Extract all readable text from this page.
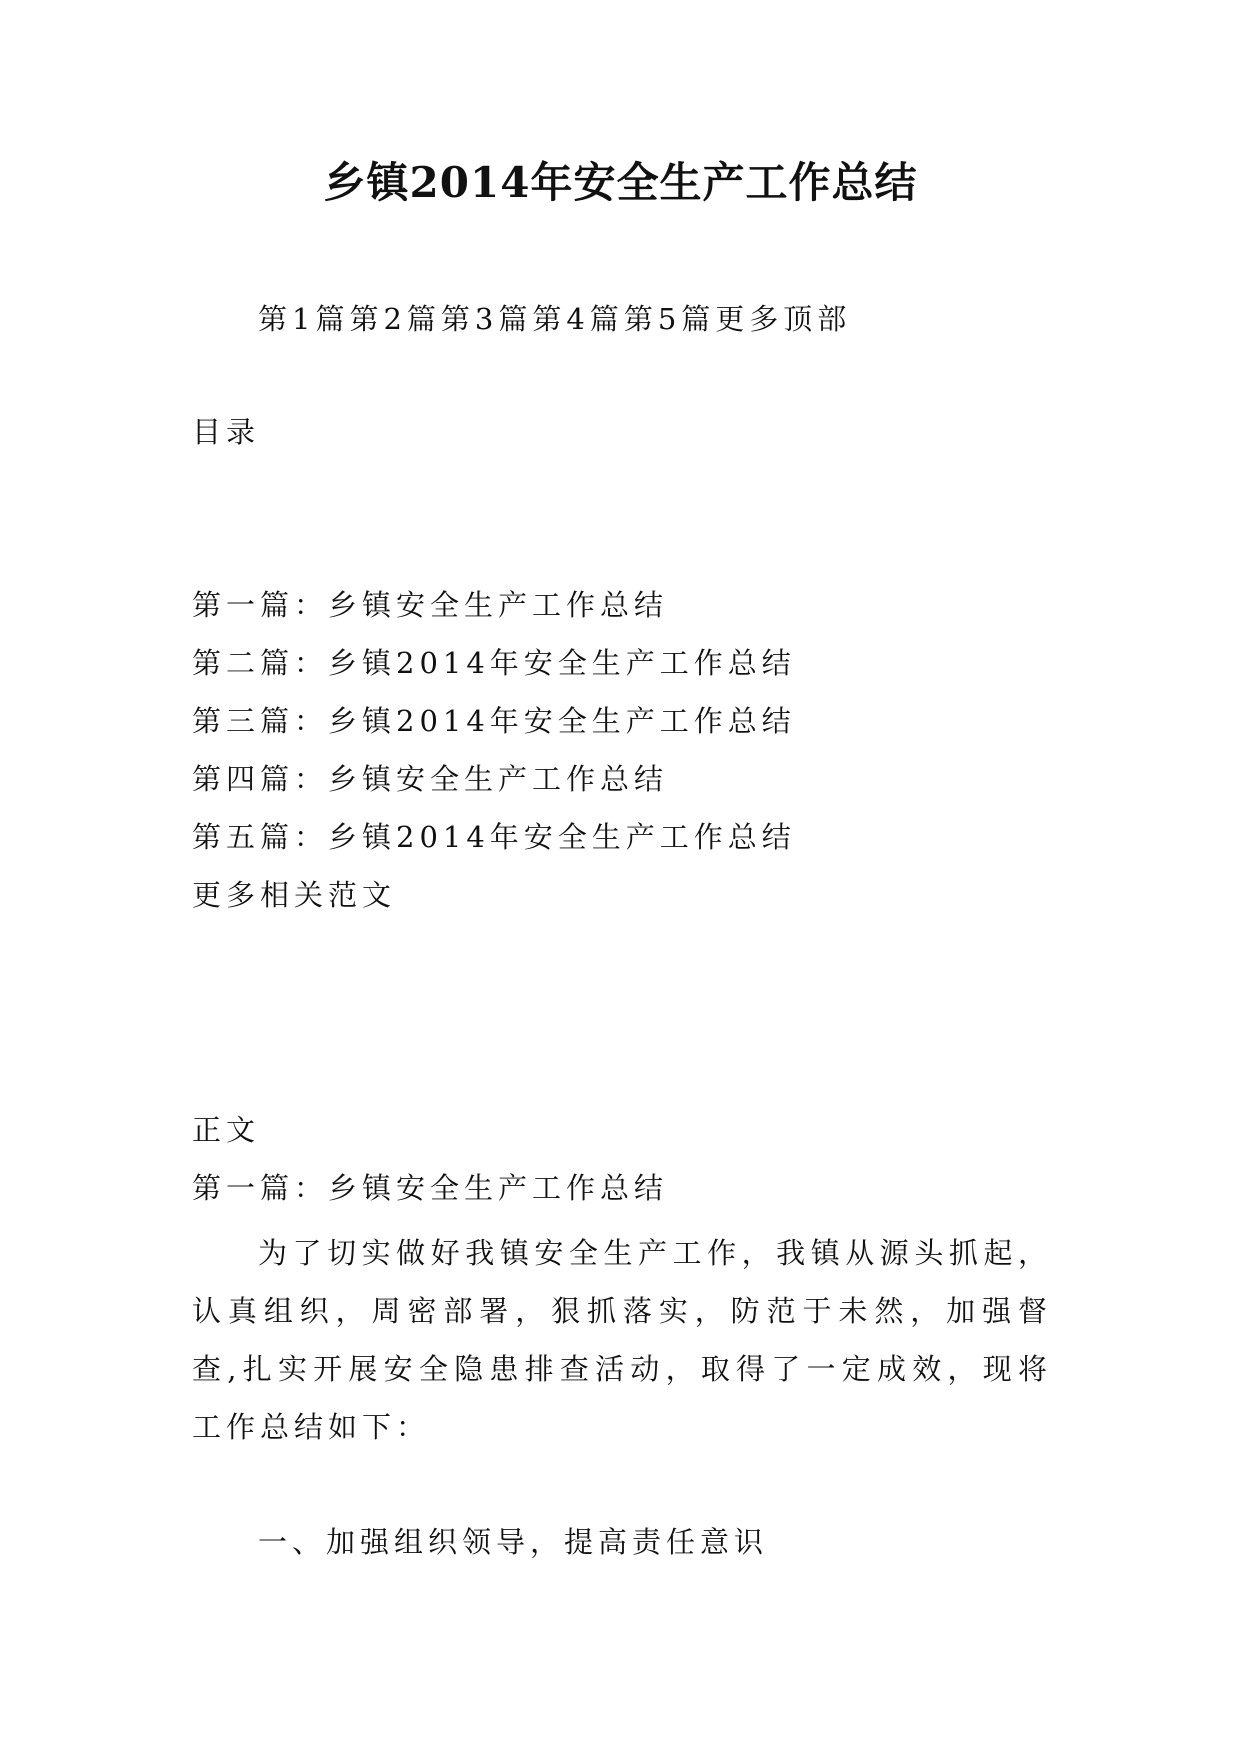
乡镇2014年安全生产工作总结
第1篇第2篇第3篇第4篇第5篇更多顶部
目录
第一篇：乡镇安全生产工作总结
第二篇：乡镇2014年安全生产工作总结
第三篇：乡镇2014年安全生产工作总结
第四篇：乡镇安全生产工作总结
第五篇：乡镇2014年安全生产工作总结
更多相关范文
正文
第一篇：乡镇安全生产工作总结

为了切实做好我镇安全生产工作，我镇从源头抓起，认真组织，周密部署，狠抓落实，防范于未然，加强督查,扎实开展安全隐患排查活动，取得了一定成效，现将工作总结如下：

一、加强组织领导，提高责任意识
